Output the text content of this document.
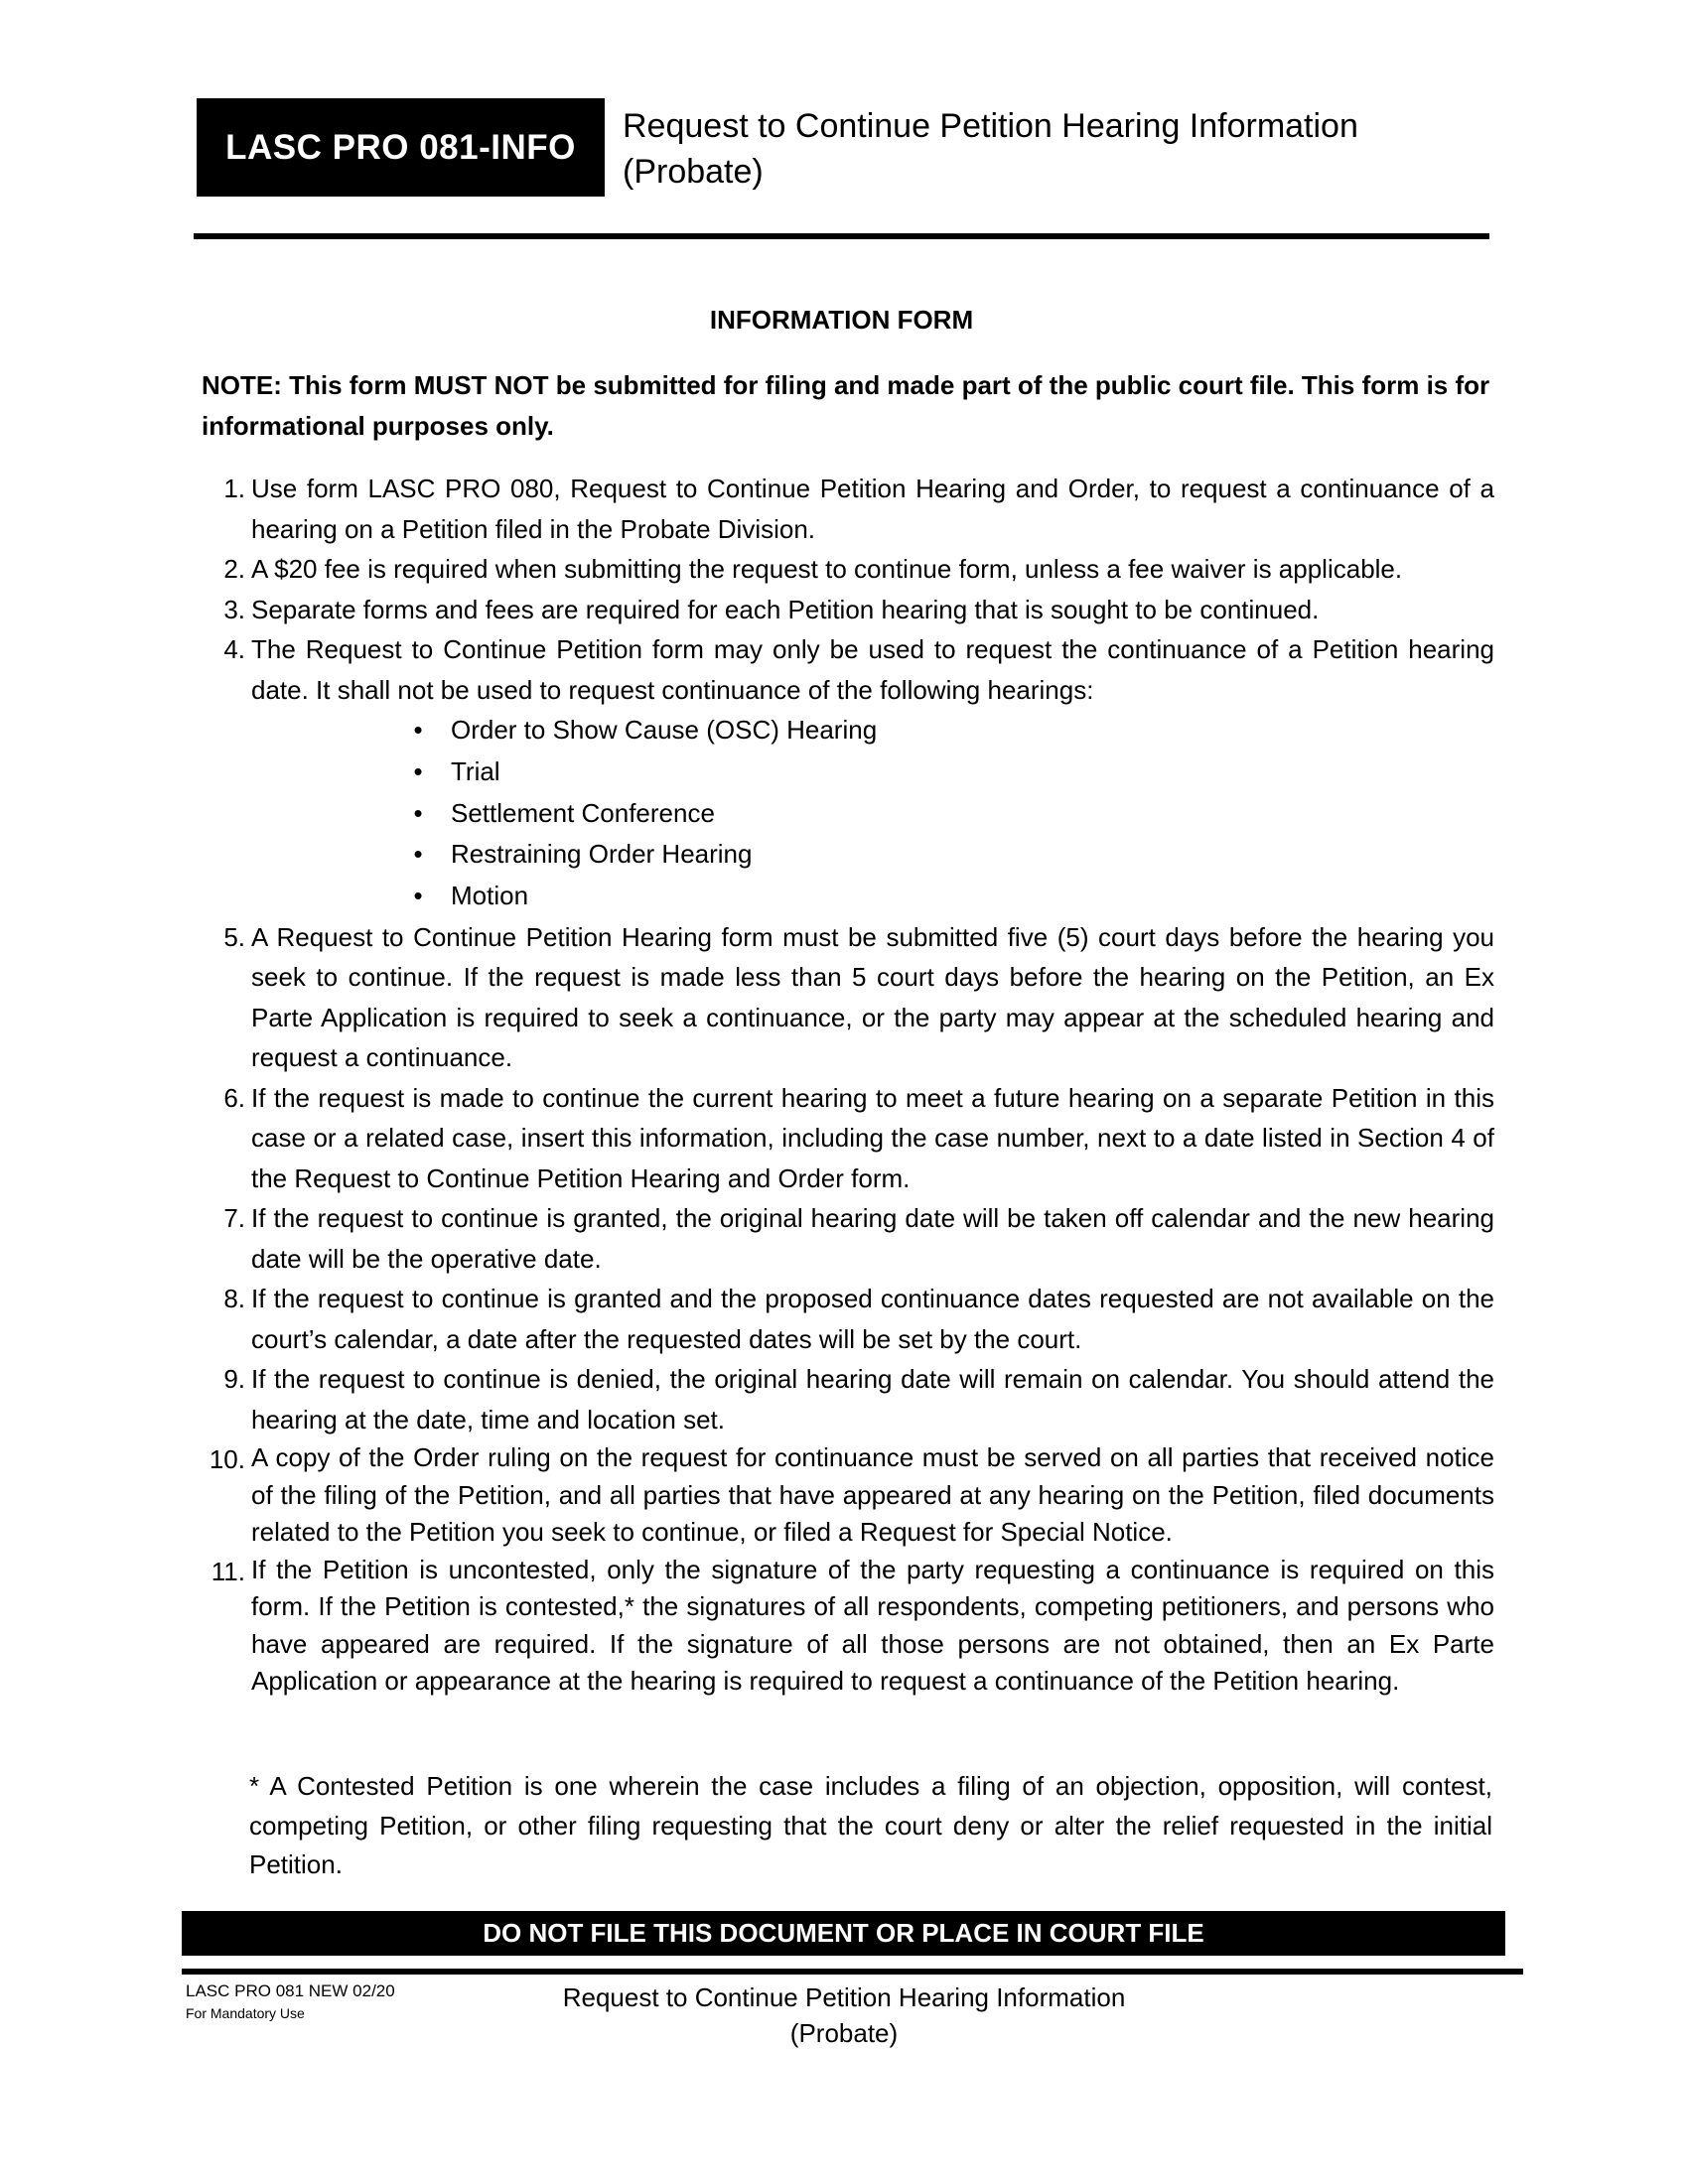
LASC PRO 081-INFO
Request to Continue Petition Hearing Information
(Probate)
INFORMATION FORM
NOTE: This form MUST NOT be submitted for filing and made part of the public court file. This form is for informational purposes only.
1. Use form LASC PRO 080, Request to Continue Petition Hearing and Order, to request a continuance of a hearing on a Petition filed in the Probate Division.
2. A $20 fee is required when submitting the request to continue form, unless a fee waiver is applicable.
3. Separate forms and fees are required for each Petition hearing that is sought to be continued.
4. The Request to Continue Petition form may only be used to request the continuance of a Petition hearing date. It shall not be used to request continuance of the following hearings:
•	Order to Show Cause (OSC) Hearing
•	Trial
•	Settlement Conference
•	Restraining Order Hearing
•	Motion
5. A Request to Continue Petition Hearing form must be submitted five (5) court days before the hearing you seek to continue. If the request is made less than 5 court days before the hearing on the Petition, an Ex Parte Application is required to seek a continuance, or the party may appear at the scheduled hearing and request a continuance.
6. If the request is made to continue the current hearing to meet a future hearing on a separate Petition in this case or a related case, insert this information, including the case number, next to a date listed in Section 4 of the Request to Continue Petition Hearing and Order form.
7. If the request to continue is granted, the original hearing date will be taken off calendar and the new hearing date will be the operative date.
8. If the request to continue is granted and the proposed continuance dates requested are not available on the court’s calendar, a date after the requested dates will be set by the court.
9. If the request to continue is denied, the original hearing date will remain on calendar. You should attend the hearing at the date, time and location set.
10. A copy of the Order ruling on the request for continuance must be served on all parties that received notice of the filing of the Petition, and all parties that have appeared at any hearing on the Petition, filed documents related to the Petition you seek to continue, or filed a Request for Special Notice.
11. If the Petition is uncontested, only the signature of the party requesting a continuance is required on this form. If the Petition is contested,* the signatures of all respondents, competing petitioners, and persons who have appeared are required. If the signature of all those persons are not obtained, then an Ex Parte Application or appearance at the hearing is required to request a continuance of the Petition hearing.
* A Contested Petition is one wherein the case includes a filing of an objection, opposition, will contest, competing Petition, or other filing requesting that the court deny or alter the relief requested in the initial Petition.
DO NOT FILE THIS DOCUMENT OR PLACE IN COURT FILE
LASC PRO 081 NEW 02/20
For Mandatory Use
Request to Continue Petition Hearing Information
(Probate)
